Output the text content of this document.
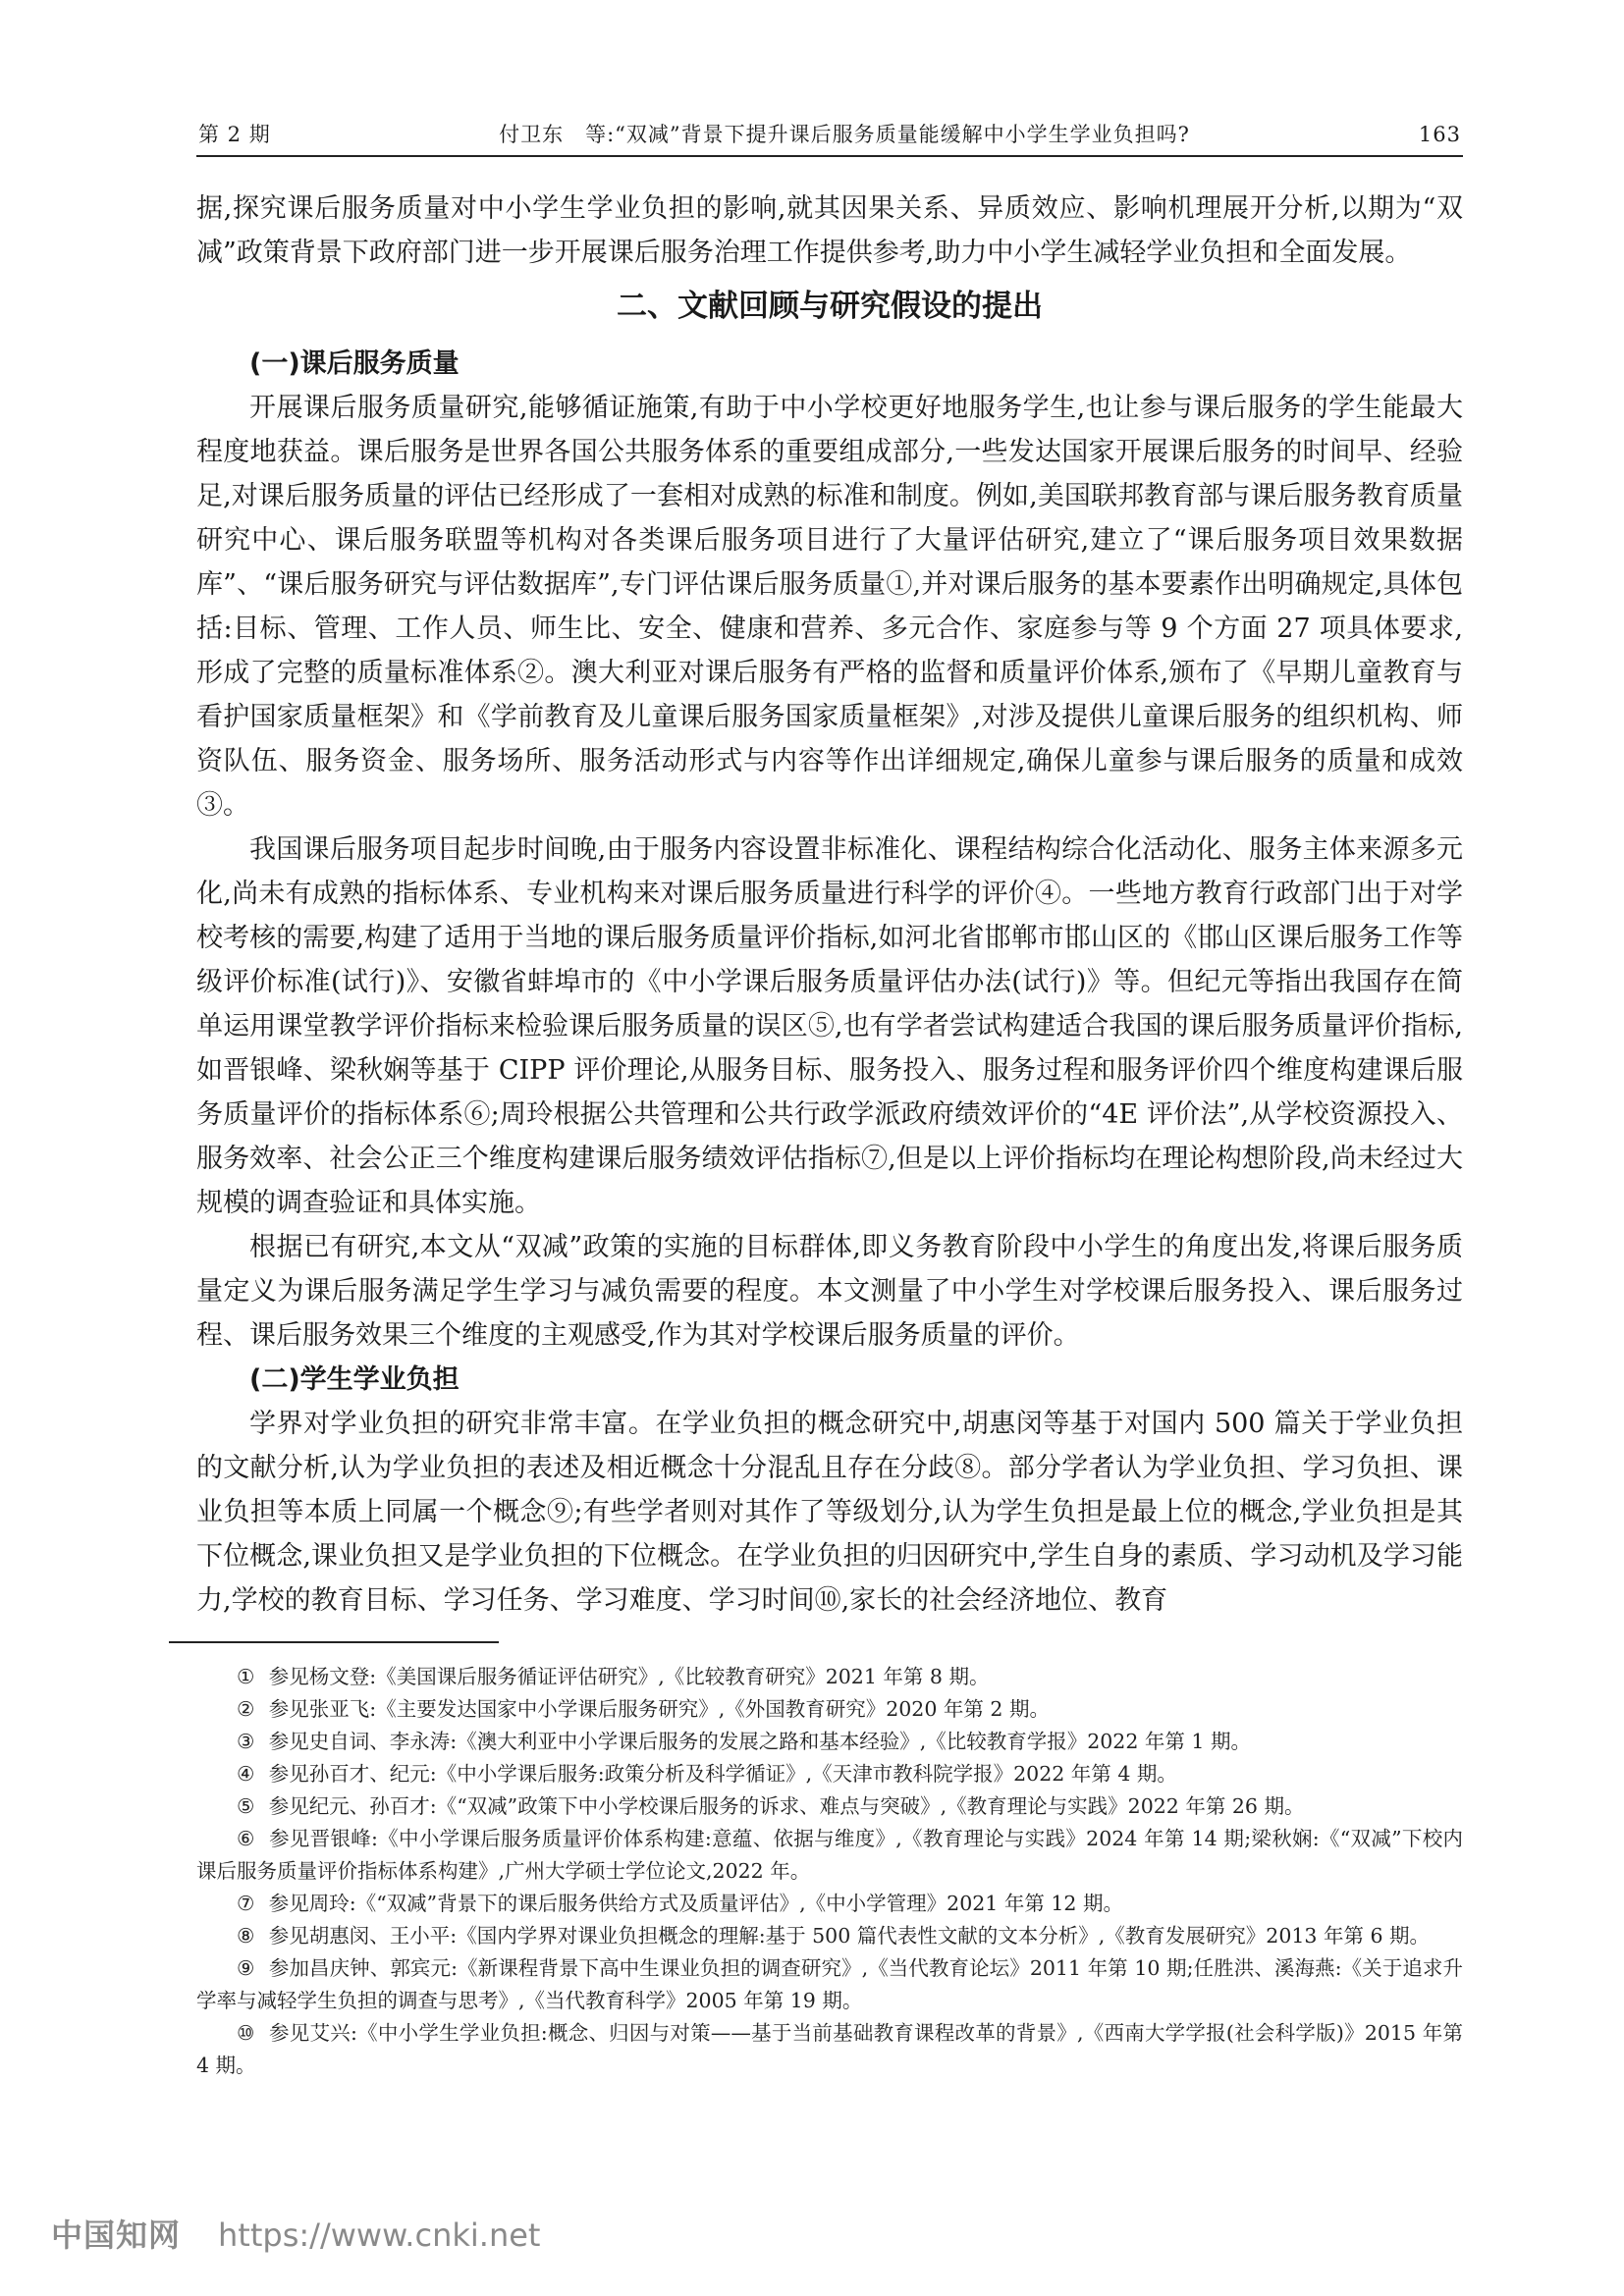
第 2 期	付卫东　等:“双减”背景下提升课后服务质量能缓解中小学生学业负担吗?	163

据,探究课后服务质量对中小学生学业负担的影响,就其因果关系、异质效应、影响机理展开分析,以期为“双减”政策背景下政府部门进一步开展课后服务治理工作提供参考,助力中小学生减轻学业负担和全面发展。

二、文献回顾与研究假设的提出
(一)课后服务质量

开展课后服务质量研究,能够循证施策,有助于中小学校更好地服务学生,也让参与课后服务的学生能最大程度地获益。课后服务是世界各国公共服务体系的重要组成部分,一些发达国家开展课后服务的时间早、经验足,对课后服务质量的评估已经形成了一套相对成熟的标准和制度。例如,美国联邦教育部与课后服务教育质量研究中心、课后服务联盟等机构对各类课后服务项目进行了大量评估研究,建立了“课后服务项目效果数据库”、“课后服务研究与评估数据库”,专门评估课后服务质量①,并对课后服务的基本要素作出明确规定,具体包括:目标、管理、工作人员、师生比、安全、健康和营养、多元合作、家庭参与等 9 个方面 27 项具体要求,形成了完整的质量标准体系②。澳大利亚对课后服务有严格的监督和质量评价体系,颁布了《早期儿童教育与看护国家质量框架》和《学前教育及儿童课后服务国家质量框架》,对涉及提供儿童课后服务的组织机构、师资队伍、服务资金、服务场所、服务活动形式与内容等作出详细规定,确保儿童参与课后服务的质量和成效③。

我国课后服务项目起步时间晚,由于服务内容设置非标准化、课程结构综合化活动化、服务主体来源多元化,尚未有成熟的指标体系、专业机构来对课后服务质量进行科学的评价④。一些地方教育行政部门出于对学校考核的需要,构建了适用于当地的课后服务质量评价指标,如河北省邯郸市邯山区的《邯山区课后服务工作等级评价标准(试行)》、安徽省蚌埠市的《中小学课后服务质量评估办法(试行)》等。但纪元等指出我国存在简单运用课堂教学评价指标来检验课后服务质量的误区⑤,也有学者尝试构建适合我国的课后服务质量评价指标,如晋银峰、梁秋娴等基于 CIPP 评价理论,从服务目标、服务投入、服务过程和服务评价四个维度构建课后服务质量评价的指标体系⑥;周玲根据公共管理和公共行政学派政府绩效评价的“4E 评价法”,从学校资源投入、服务效率、社会公正三个维度构建课后服务绩效评估指标⑦,但是以上评价指标均在理论构想阶段,尚未经过大规模的调查验证和具体实施。

根据已有研究,本文从“双减”政策的实施的目标群体,即义务教育阶段中小学生的角度出发,将课后服务质量定义为课后服务满足学生学习与减负需要的程度。本文测量了中小学生对学校课后服务投入、课后服务过程、课后服务效果三个维度的主观感受,作为其对学校课后服务质量的评价。

(二)学生学业负担

学界对学业负担的研究非常丰富。在学业负担的概念研究中,胡惠闵等基于对国内 500 篇关于学业负担的文献分析,认为学业负担的表述及相近概念十分混乱且存在分歧⑧。部分学者认为学业负担、学习负担、课业负担等本质上同属一个概念⑨;有些学者则对其作了等级划分,认为学生负担是最上位的概念,学业负担是其下位概念,课业负担又是学业负担的下位概念。在学业负担的归因研究中,学生自身的素质、学习动机及学习能力,学校的教育目标、学习任务、学习难度、学习时间⑩,家长的社会经济地位、教育

① 参见杨文登:《美国课后服务循证评估研究》,《比较教育研究》2021 年第 8 期。

② 参见张亚飞:《主要发达国家中小学课后服务研究》,《外国教育研究》2020 年第 2 期。

③ 参见史自词、李永涛:《澳大利亚中小学课后服务的发展之路和基本经验》,《比较教育学报》2022 年第 1 期。

④ 参见孙百才、纪元:《中小学课后服务:政策分析及科学循证》,《天津市教科院学报》2022 年第 4 期。

⑤ 参见纪元、孙百才:《“双减”政策下中小学校课后服务的诉求、难点与突破》,《教育理论与实践》2022 年第 26 期。

⑥ 参见晋银峰:《中小学课后服务质量评价体系构建:意蕴、依据与维度》,《教育理论与实践》2024 年第 14 期;梁秋娴:《“双减”下校内课后服务质量评价指标体系构建》,广州大学硕士学位论文,2022 年。

⑦ 参见周玲:《“双减”背景下的课后服务供给方式及质量评估》,《中小学管理》2021 年第 12 期。

⑧ 参见胡惠闵、王小平:《国内学界对课业负担概念的理解:基于 500 篇代表性文献的文本分析》,《教育发展研究》2013 年第 6 期。

⑨ 参加昌庆钟、郭宾元:《新课程背景下高中生课业负担的调查研究》,《当代教育论坛》2011 年第 10 期;任胜洪、溪海燕:《关于追求升学率与减轻学生负担的调查与思考》,《当代教育科学》2005 年第 19 期。

⑩ 参见艾兴:《中小学生学业负担:概念、归因与对策——基于当前基础教育课程改革的背景》,《西南大学学报(社会科学版)》2015 年第 4 期。

中国知网 https://www.cnki.net
